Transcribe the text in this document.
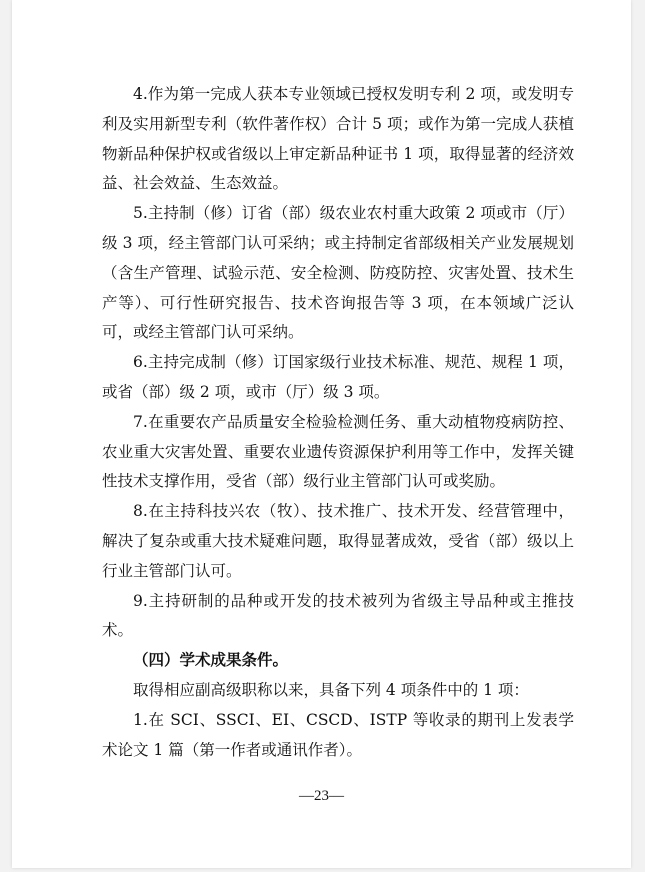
4.作为第一完成人获本专业领域已授权发明专利 2 项，或发明专利及实用新型专利（软件著作权）合计 5 项；或作为第一完成人获植物新品种保护权或省级以上审定新品种证书 1 项，取得显著的经济效益、社会效益、生态效益。

5.主持制（修）订省（部）级农业农村重大政策 2 项或市（厅）级 3 项，经主管部门认可采纳；或主持制定省部级相关产业发展规划（含生产管理、试验示范、安全检测、防疫防控、灾害处置、技术生产等）、可行性研究报告、技术咨询报告等 3 项，在本领域广泛认可，或经主管部门认可采纳。

6.主持完成制（修）订国家级行业技术标准、规范、规程 1 项，或省（部）级 2 项，或市（厅）级 3 项。

7.在重要农产品质量安全检验检测任务、重大动植物疫病防控、农业重大灾害处置、重要农业遗传资源保护利用等工作中，发挥关键性技术支撑作用，受省（部）级行业主管部门认可或奖励。

8.在主持科技兴农（牧）、技术推广、技术开发、经营管理中，解决了复杂或重大技术疑难问题，取得显著成效，受省（部）级以上行业主管部门认可。

9.主持研制的品种或开发的技术被列为省级主导品种或主推技术。

（四）学术成果条件。

取得相应副高级职称以来，具备下列 4 项条件中的 1 项：

1.在 SCI、SSCI、EI、CSCD、ISTP 等收录的期刊上发表学术论文 1 篇（第一作者或通讯作者）。

—23—
